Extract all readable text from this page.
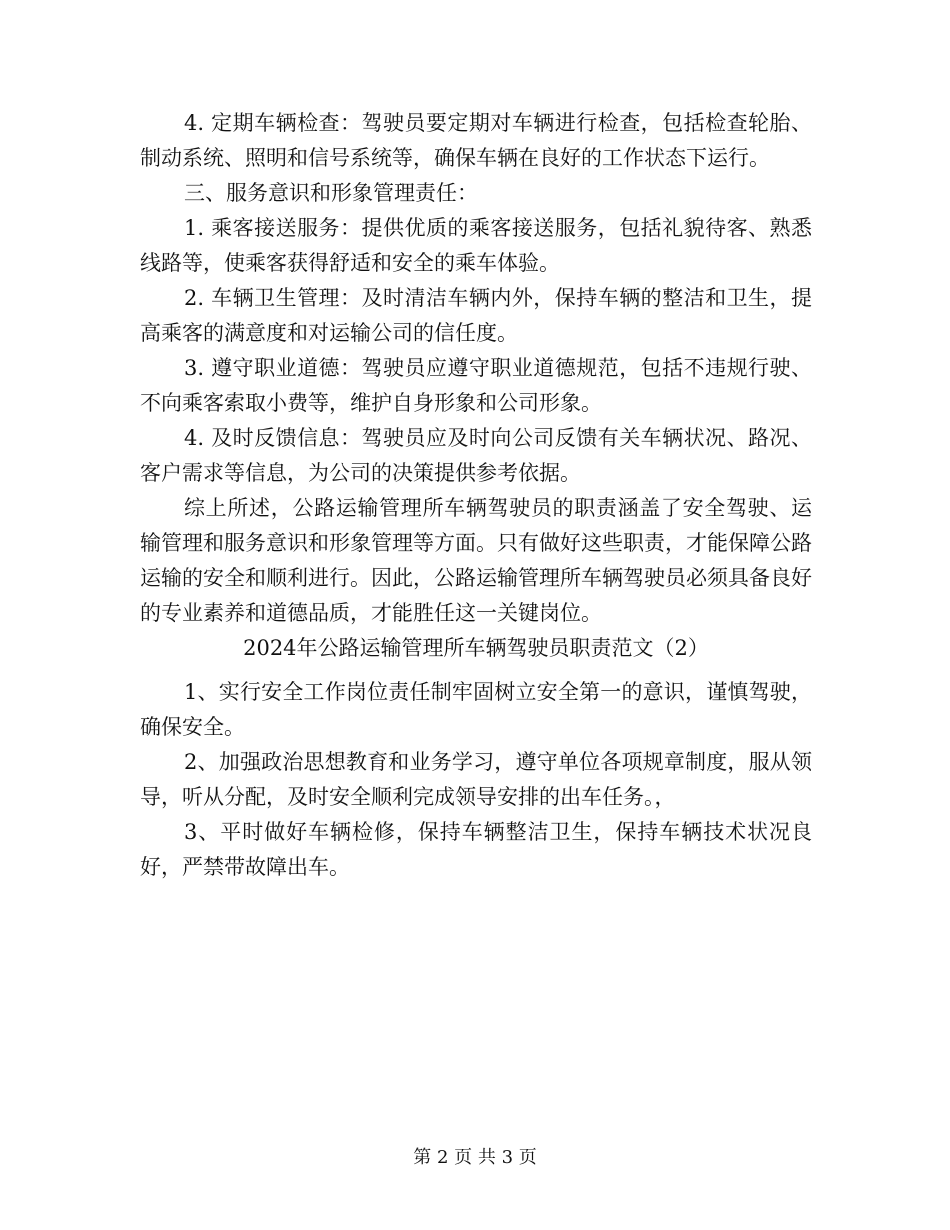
4. 定期车辆检查：驾驶员要定期对车辆进行检查，包括检查轮胎、制动系统、照明和信号系统等，确保车辆在良好的工作状态下运行。

三、服务意识和形象管理责任：

1. 乘客接送服务：提供优质的乘客接送服务，包括礼貌待客、熟悉线路等，使乘客获得舒适和安全的乘车体验。

2. 车辆卫生管理：及时清洁车辆内外，保持车辆的整洁和卫生，提高乘客的满意度和对运输公司的信任度。

3. 遵守职业道德：驾驶员应遵守职业道德规范，包括不违规行驶、不向乘客索取小费等，维护自身形象和公司形象。

4. 及时反馈信息：驾驶员应及时向公司反馈有关车辆状况、路况、客户需求等信息，为公司的决策提供参考依据。

综上所述，公路运输管理所车辆驾驶员的职责涵盖了安全驾驶、运输管理和服务意识和形象管理等方面。只有做好这些职责，才能保障公路运输的安全和顺利进行。因此，公路运输管理所车辆驾驶员必须具备良好的专业素养和道德品质，才能胜任这一关键岗位。

2024年公路运输管理所车辆驾驶员职责范文（2）

1、实行安全工作岗位责任制牢固树立安全第一的意识，谨慎驾驶，确保安全。

2、加强政治思想教育和业务学习，遵守单位各项规章制度，服从领导，听从分配，及时安全顺利完成领导安排的出车任务。，

3、平时做好车辆检修，保持车辆整洁卫生，保持车辆技术状况良好，严禁带故障出车。

第 2 页 共 3 页
